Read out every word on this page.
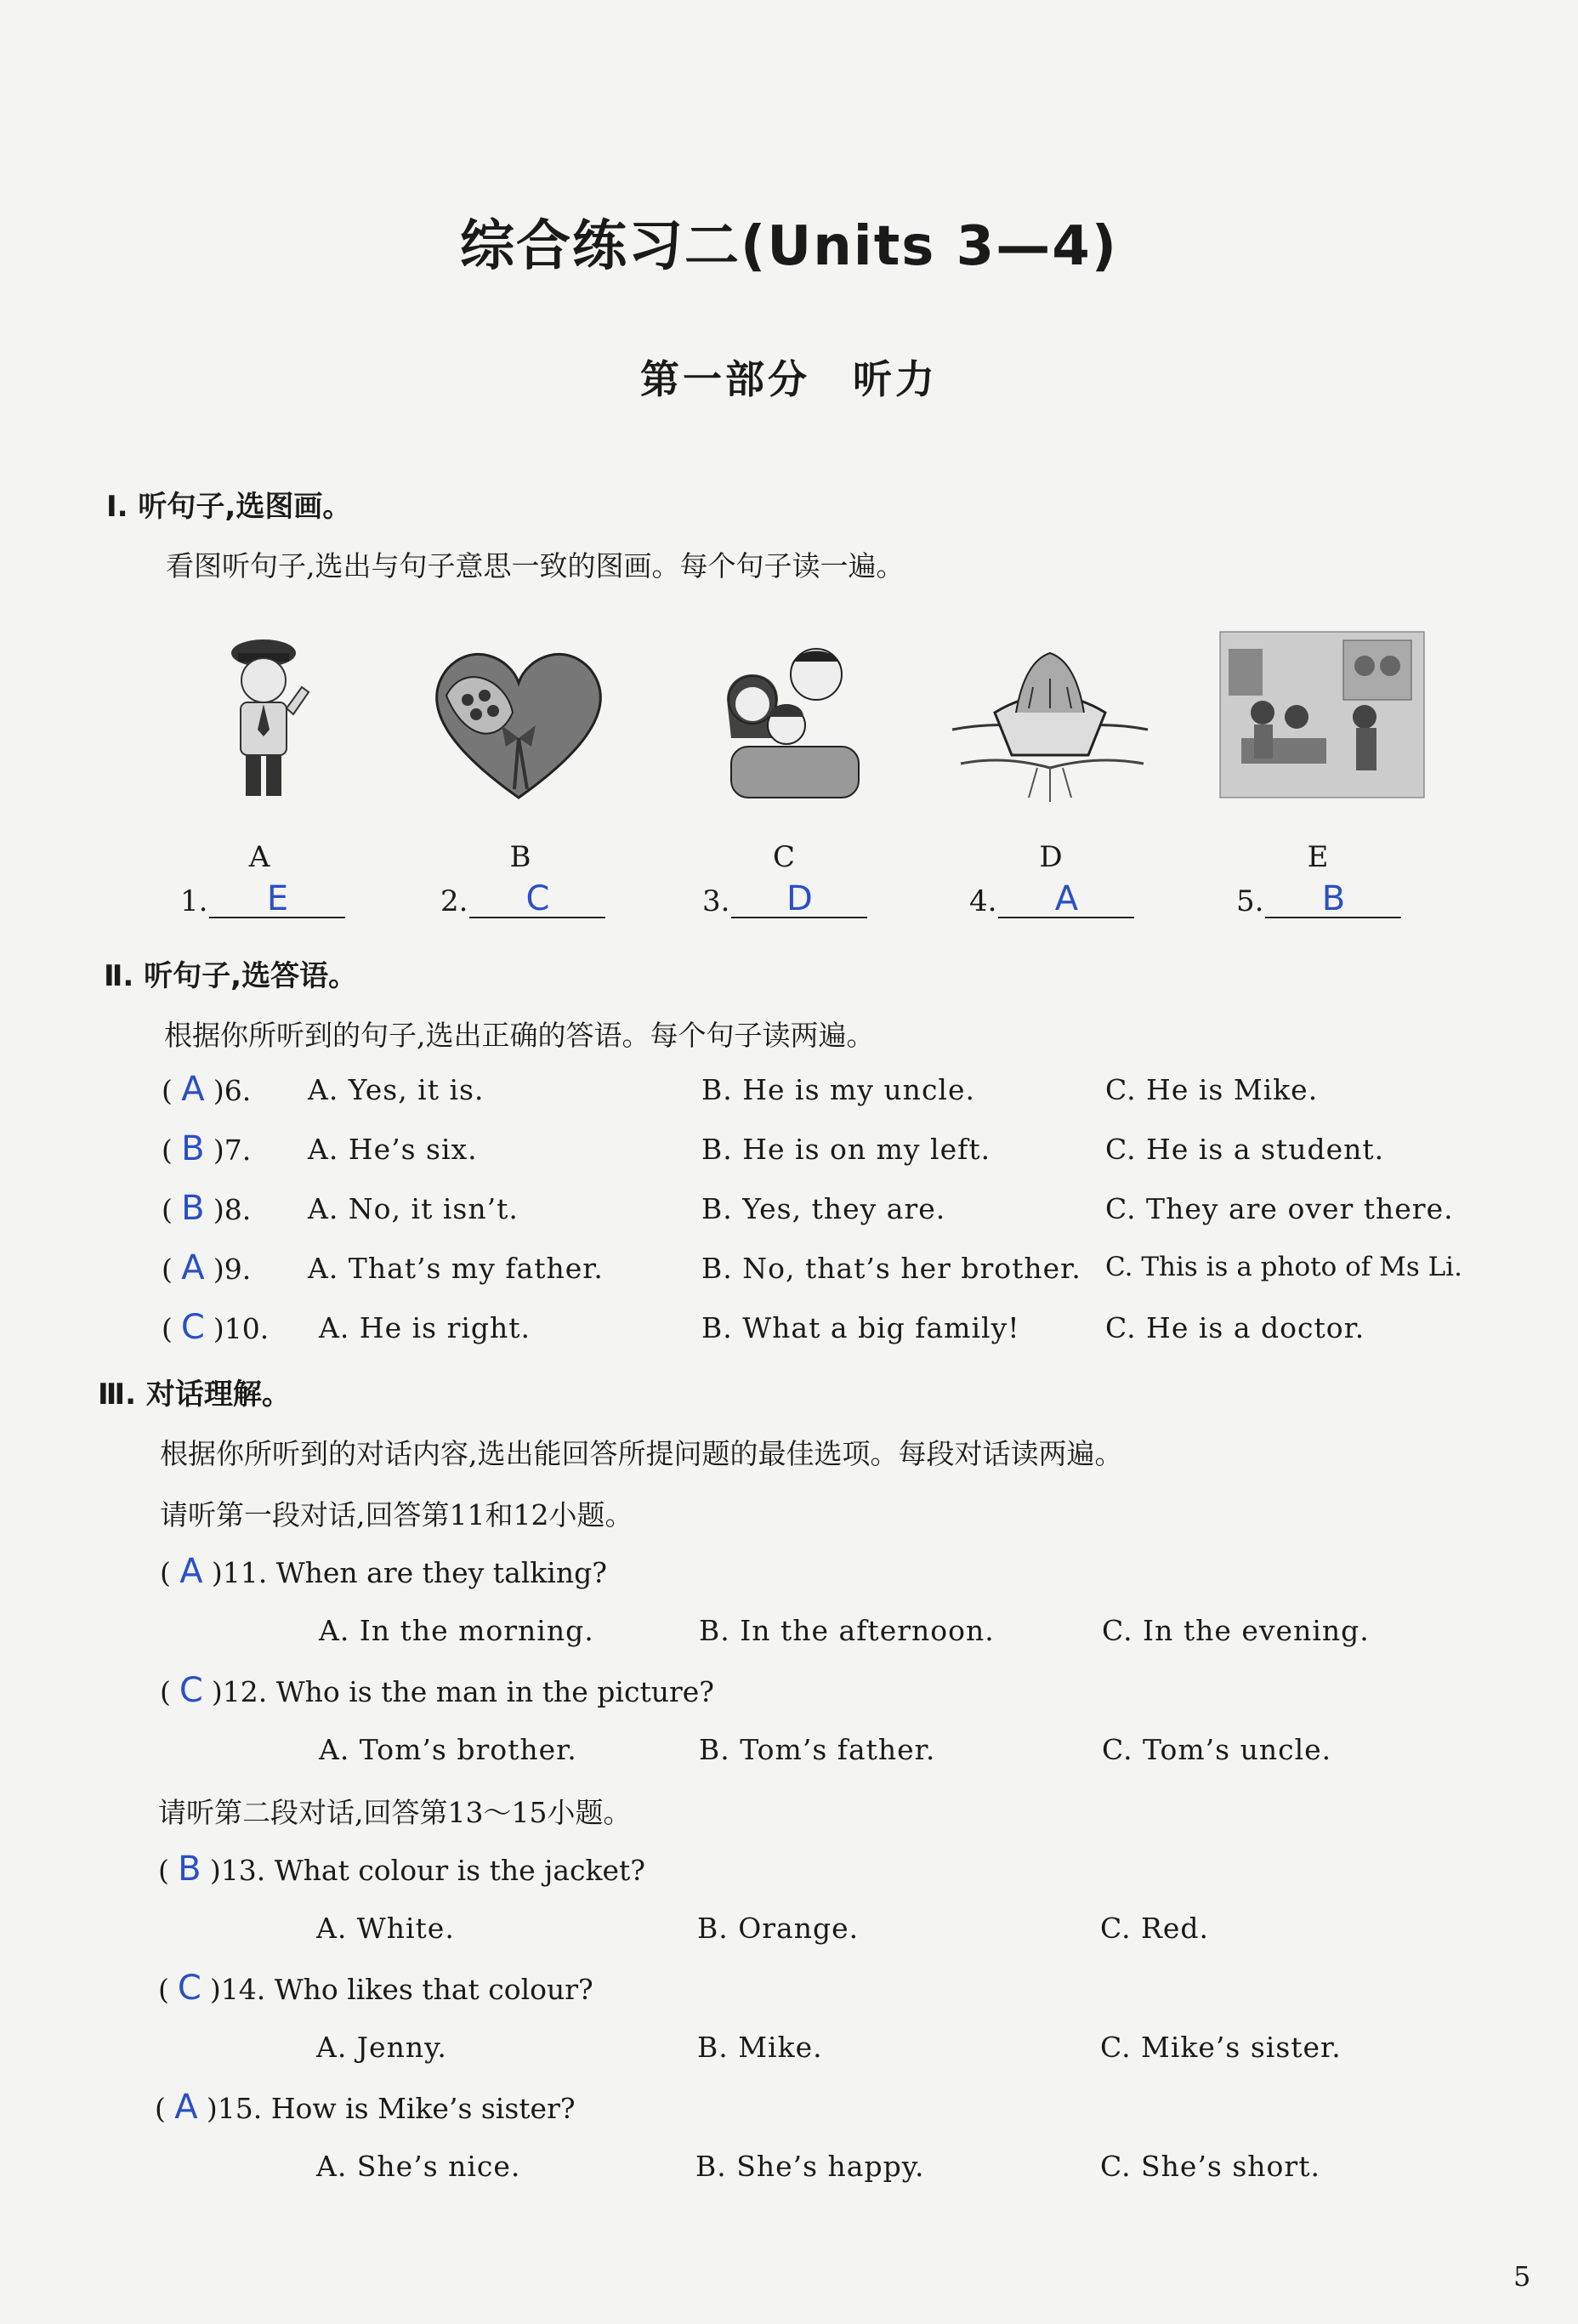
综合练习二(Units 3—4)
第一部分　听力
Ⅰ. 听句子,选图画。
看图听句子,选出与句子意思一致的图画。每个句子读一遍。
A	B	C	D	E
1.	E	2.	C	3.	D	4.	A	5.	B
Ⅱ. 听句子,选答语。
根据你所听到的句子,选出正确的答语。每个句子读两遍。
( A )6. A. Yes, it is.	B. He is my uncle.	C. He is Mike.
( B )7. A. He’s six.	B. He is on my left.	C. He is a student.
( B )8. A. No, it isn’t.	B. Yes, they are.	C. They are over there.
( A )9. A. That’s my father.	B. No, that’s her brother. C. This is a photo of Ms Li.
( C )10. A. He is right.	B. What a big family!	C. He is a doctor.
Ⅲ. 对话理解。
根据你所听到的对话内容,选出能回答所提问题的最佳选项。每段对话读两遍。
请听第一段对话,回答第11和12小题。
( A )11. When are they talking?
A. In the morning.	B. In the afternoon.	C. In the evening.
( C )12. Who is the man in the picture?
A. Tom’s brother.	B. Tom’s father.	C. Tom’s uncle.
请听第二段对话,回答第13～15小题。
( B )13. What colour is the jacket?
A. White.	B. Orange.	C. Red.
( C )14. Who likes that colour?
A. Jenny.	B. Mike.	C. Mike’s sister.
( A )15. How is Mike’s sister?
A. She’s nice.	B. She’s happy.	C. She’s short.
5
